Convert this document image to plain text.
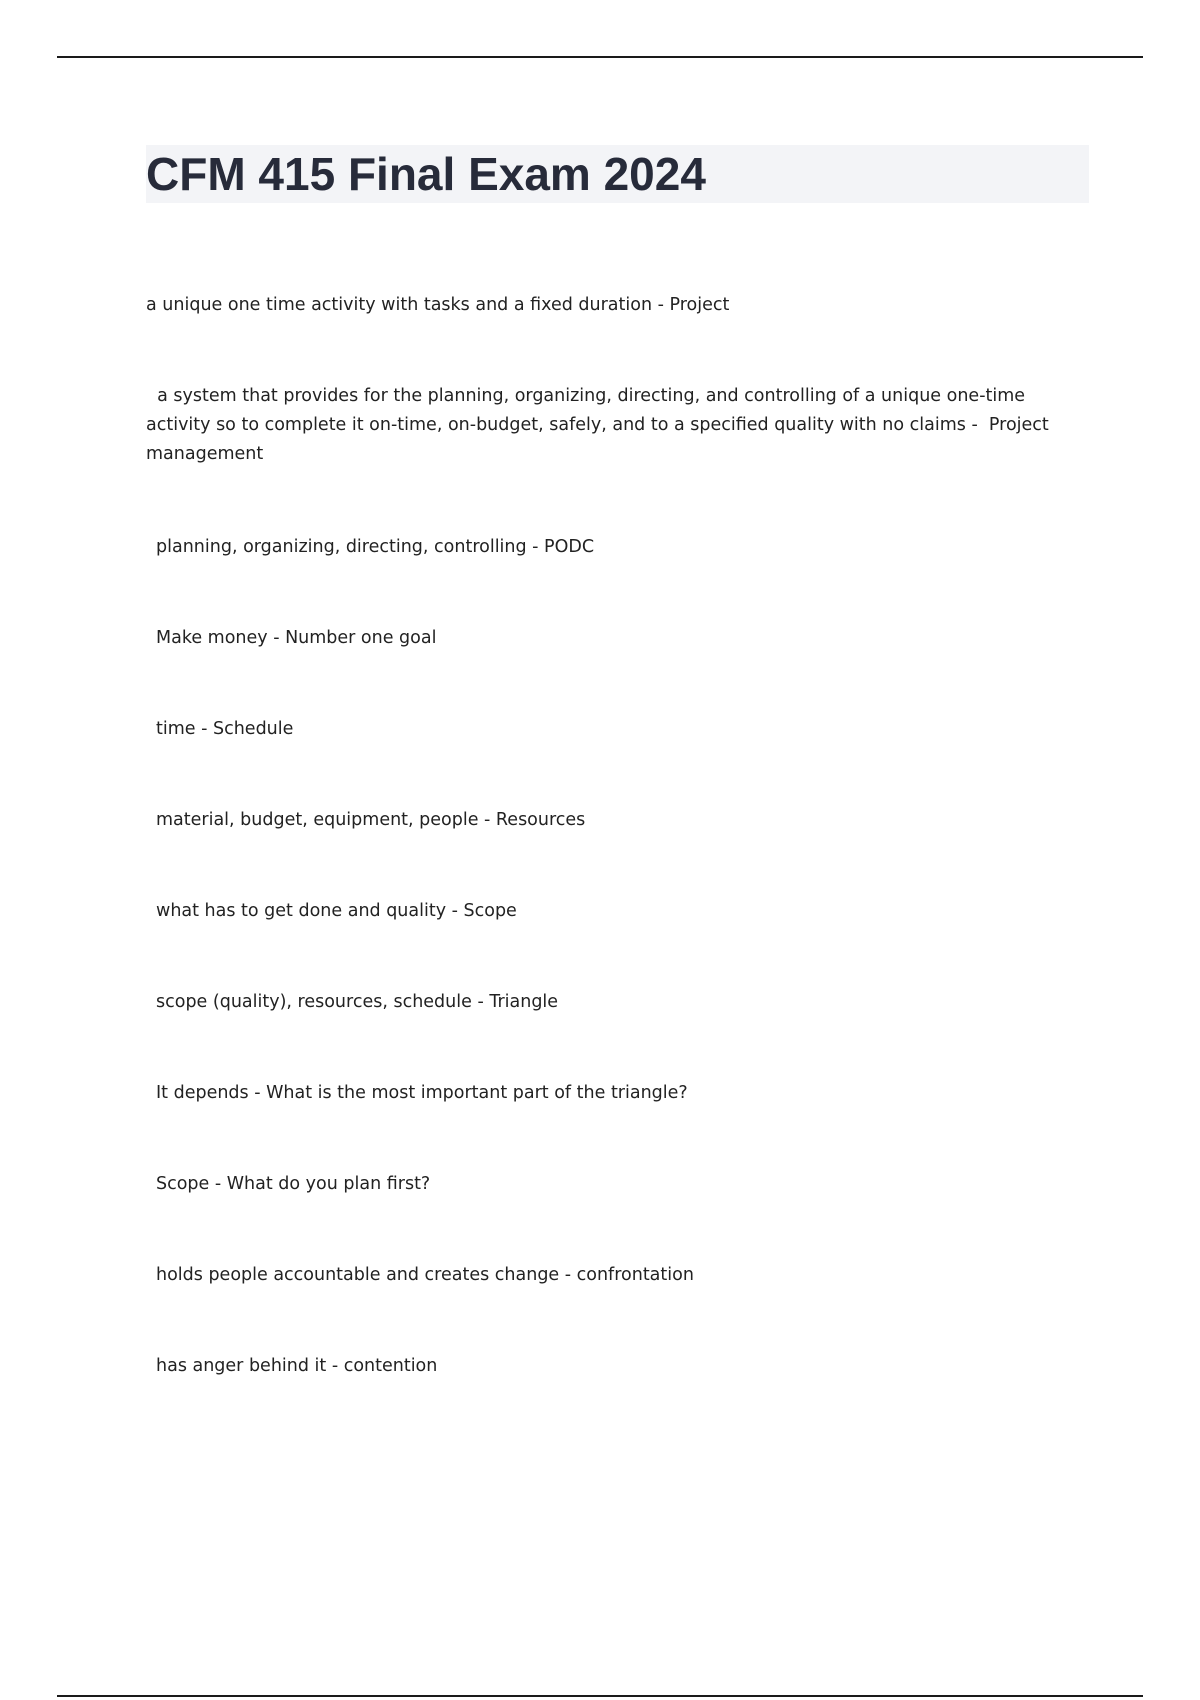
CFM 415 Final Exam 2024
a unique one time activity with tasks and a fixed duration - Project
a system that provides for the planning, organizing, directing, and controlling of a unique one-time activity so to complete it on-time, on-budget, safely, and to a specified quality with no claims -  Project management
planning, organizing, directing, controlling - PODC
Make money - Number one goal
time - Schedule
material, budget, equipment, people - Resources
what has to get done and quality - Scope
scope (quality), resources, schedule - Triangle
It depends - What is the most important part of the triangle?
Scope - What do you plan first?
holds people accountable and creates change - confrontation
has anger behind it - contention
